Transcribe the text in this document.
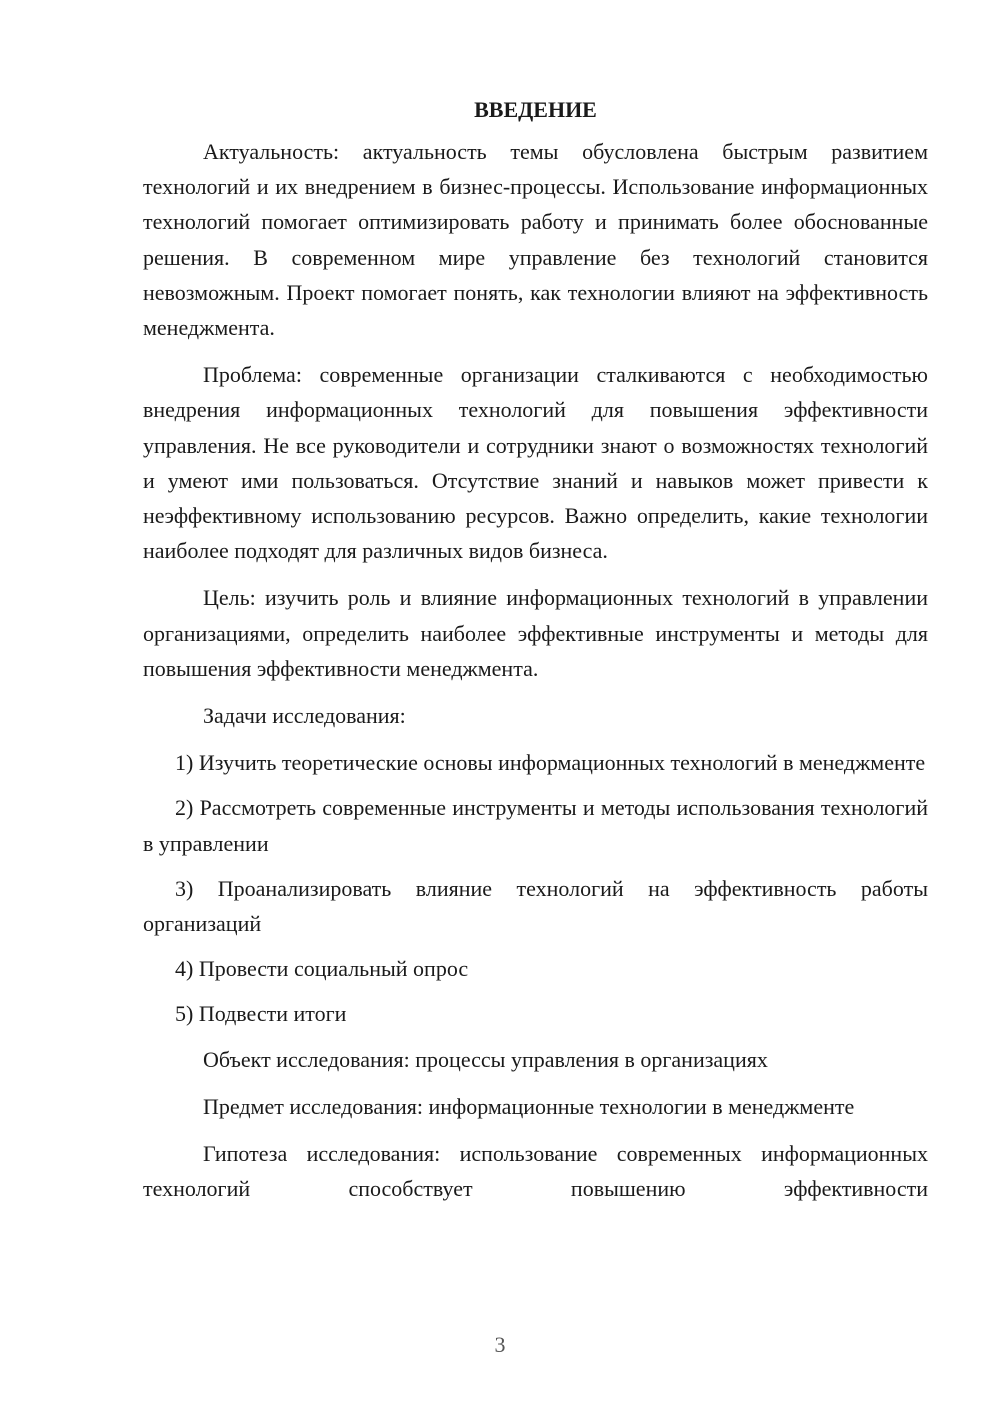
ВВЕДЕНИЕ

Актуальность: актуальность темы обусловлена быстрым развитием технологий и их внедрением в бизнес-процессы. Использование информационных технологий помогает оптимизировать работу и принимать более обоснованные решения. В современном мире управление без технологий становится невозможным. Проект помогает понять, как технологии влияют на эффективность менеджмента.

Проблема: современные организации сталкиваются с необходимостью внедрения информационных технологий для повышения эффективности управления. Не все руководители и сотрудники знают о возможностях технологий и умеют ими пользоваться. Отсутствие знаний и навыков может привести к неэффективному использованию ресурсов. Важно определить, какие технологии наиболее подходят для различных видов бизнеса.

Цель: изучить роль и влияние информационных технологий в управлении организациями, определить наиболее эффективные инструменты и методы для повышения эффективности менеджмента.

Задачи исследования:

1) Изучить теоретические основы информационных технологий в менеджменте

2) Рассмотреть современные инструменты и методы использования технологий в управлении

3) Проанализировать влияние технологий на эффективность работы организаций

4) Провести социальный опрос

5) Подвести итоги

Объект исследования: процессы управления в организациях

Предмет исследования: информационные технологии в менеджменте

Гипотеза исследования: использование современных информационных технологий способствует повышению эффективности

3
